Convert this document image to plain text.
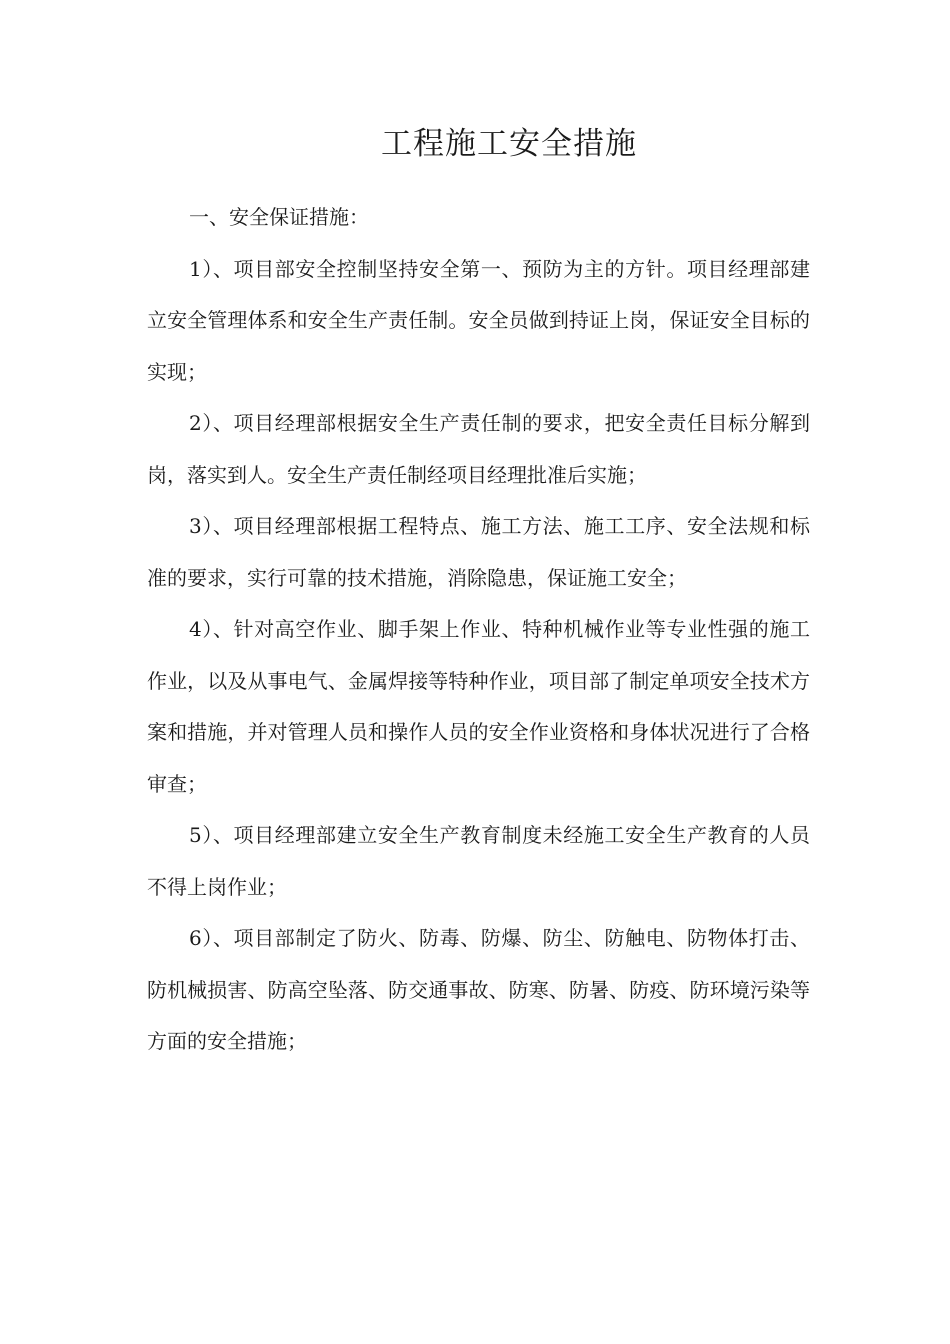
工程施工安全措施

一、安全保证措施：

1）、项目部安全控制坚持安全第一、预防为主的方针。项目经理部建立安全管理体系和安全生产责任制。安全员做到持证上岗，保证安全目标的实现；

2）、项目经理部根据安全生产责任制的要求，把安全责任目标分解到岗，落实到人。安全生产责任制经项目经理批准后实施；

3）、项目经理部根据工程特点、施工方法、施工工序、安全法规和标准的要求，实行可靠的技术措施，消除隐患，保证施工安全；

4）、针对高空作业、脚手架上作业、特种机械作业等专业性强的施工作业，以及从事电气、金属焊接等特种作业，项目部了制定单项安全技术方案和措施，并对管理人员和操作人员的安全作业资格和身体状况进行了合格审查；

5）、项目经理部建立安全生产教育制度未经施工安全生产教育的人员不得上岗作业；

6）、项目部制定了防火、防毒、防爆、防尘、防触电、防物体打击、防机械损害、防高空坠落、防交通事故、防寒、防暑、防疫、防环境污染等方面的安全措施；
